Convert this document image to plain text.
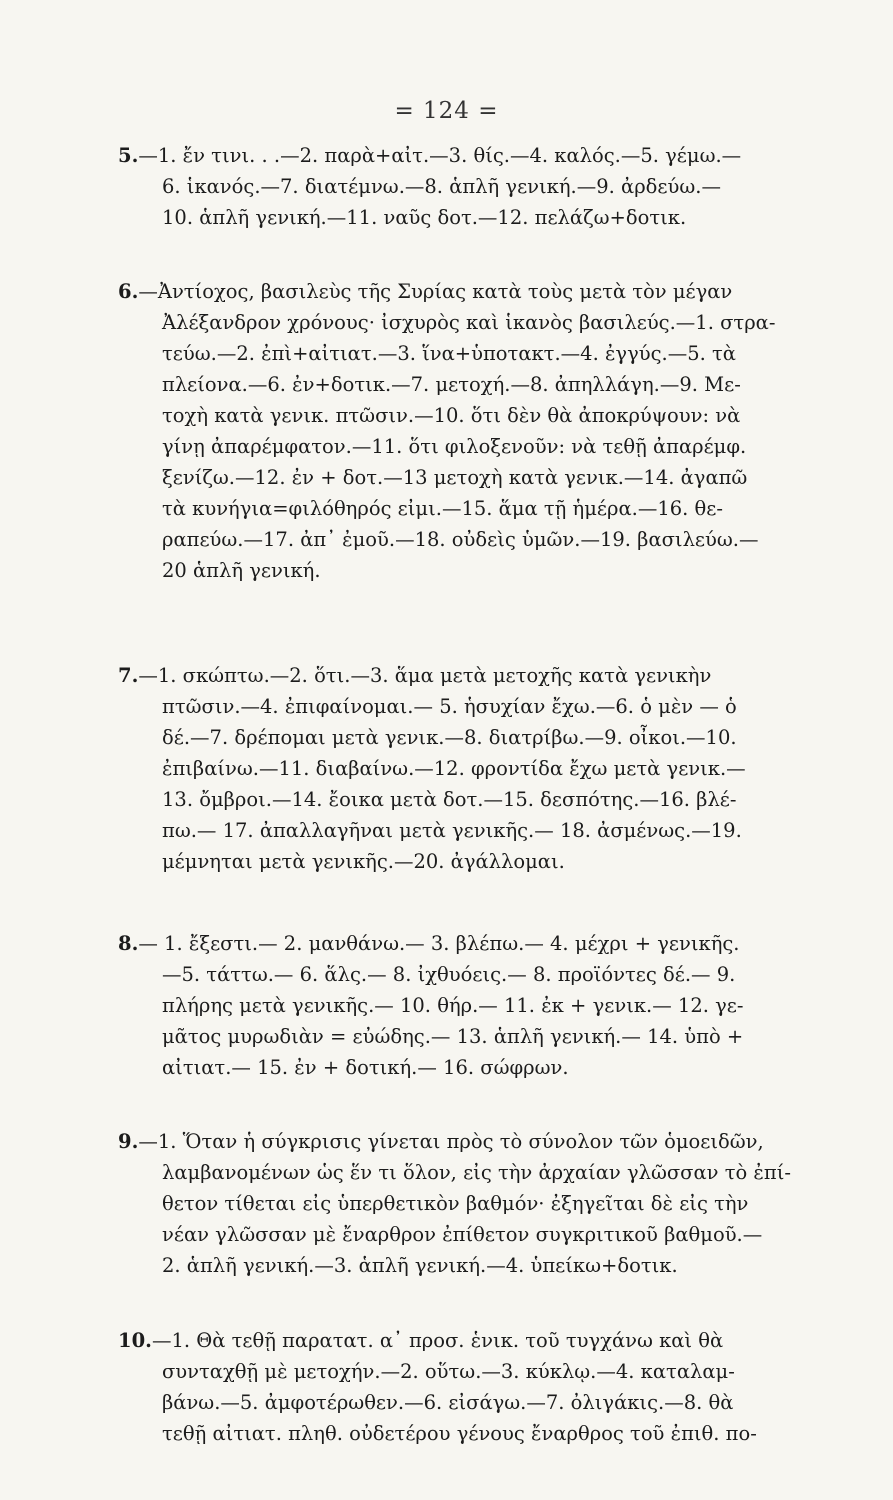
= 124 =
5.—1. ἔν τινι. . .—2. παρὰ+αἰτ.—3. θίς.—4. καλός.—5. γέμω.—
6. ἱκανός.—7. διατέμνω.—8. ἁπλῆ γενική.—9. ἀρδεύω.—
10. ἁπλῆ γενική.—11. ναῦς δοτ.—12. πελάζω+δοτικ.
6.—Ἀντίοχος, βασιλεὺς τῆς Συρίας κατὰ τοὺς μετὰ τὸν μέγαν
Ἀλέξανδρον χρόνους· ἰσχυρὸς καὶ ἱκανὸς βασιλεύς.—1. στρα-
τεύω.—2. ἐπὶ+αἰτιατ.—3. ἵνα+ὑποτακτ.—4. ἐγγύς.—5. τὰ
πλείονα.—6. ἐν+δοτικ.—7. μετοχή.—8. ἀπηλλάγη.—9. Με-
τοχὴ κατὰ γενικ. πτῶσιν.—10. ὅτι δὲν θὰ ἀποκρύψουν: νὰ
γίνῃ ἀπαρέμφατον.—11. ὅτι φιλοξενοῦν: νὰ τεθῇ ἀπαρέμφ.
ξενίζω.—12. ἐν + δοτ.—13 μετοχὴ κατὰ γενικ.—14. ἀγαπῶ
τὰ κυνήγια=φιλόθηρός εἰμι.—15. ἅμα τῇ ἡμέρα.—16. θε-
ραπεύω.—17. ἀπ᾽ ἐμοῦ.—18. οὐδεὶς ὑμῶν.—19. βασιλεύω.—
20 ἁπλῆ γενική.
7.—1. σκώπτω.—2. ὅτι.—3. ἅμα μετὰ μετοχῆς κατὰ γενικὴν
πτῶσιν.—4. ἐπιφαίνομαι.— 5. ἡσυχίαν ἔχω.—6. ὁ μὲν — ὁ
δέ.—7. δρέπομαι μετὰ γενικ.—8. διατρίβω.—9. οἶκοι.—10.
ἐπιβαίνω.—11. διαβαίνω.—12. φροντίδα ἔχω μετὰ γενικ.—
13. ὄμβροι.—14. ἔοικα μετὰ δοτ.—15. δεσπότης.—16. βλέ-
πω.— 17. ἀπαλλαγῆναι μετὰ γενικῆς.— 18. ἀσμένως.—19.
μέμνηται μετὰ γενικῆς.—20. ἀγάλλομαι.
8.— 1. ἔξεστι.— 2. μανθάνω.— 3. βλέπω.— 4. μέχρι + γενικῆς.
—5. τάττω.— 6. ἅλς.— 8. ἰχθυόεις.— 8. προϊόντες δέ.— 9.
πλήρης μετὰ γενικῆς.— 10. θήρ.— 11. ἐκ + γενικ.— 12. γε-
μᾶτος μυρωδιὰν = εὐώδης.— 13. ἁπλῆ γενική.— 14. ὑπὸ +
αἰτιατ.— 15. ἐν + δοτική.— 16. σώφρων.
9.—1. Ὅταν ἡ σύγκρισις γίνεται πρὸς τὸ σύνολον τῶν ὁμοειδῶν,
λαμβανομένων ὡς ἕν τι ὅλον, εἰς τὴν ἀρχαίαν γλῶσσαν τὸ ἐπί-
θετον τίθεται εἰς ὑπερθετικὸν βαθμόν· ἐξηγεῖται δὲ εἰς τὴν
νέαν γλῶσσαν μὲ ἔναρθρον ἐπίθετον συγκριτικοῦ βαθμοῦ.—
2. ἁπλῆ γενική.—3. ἁπλῆ γενική.—4. ὑπείκω+δοτικ.
10.—1. Θὰ τεθῇ παρατατ. α᾽ προσ. ἑνικ. τοῦ τυγχάνω καὶ θὰ
συνταχθῇ μὲ μετοχήν.—2. οὕτω.—3. κύκλῳ.—4. καταλαμ-
βάνω.—5. ἀμφοτέρωθεν.—6. εἰσάγω.—7. ὀλιγάκις.—8. θὰ
τεθῇ αἰτιατ. πληθ. οὐδετέρου γένους ἔναρθρος τοῦ ἐπιθ. πο-
